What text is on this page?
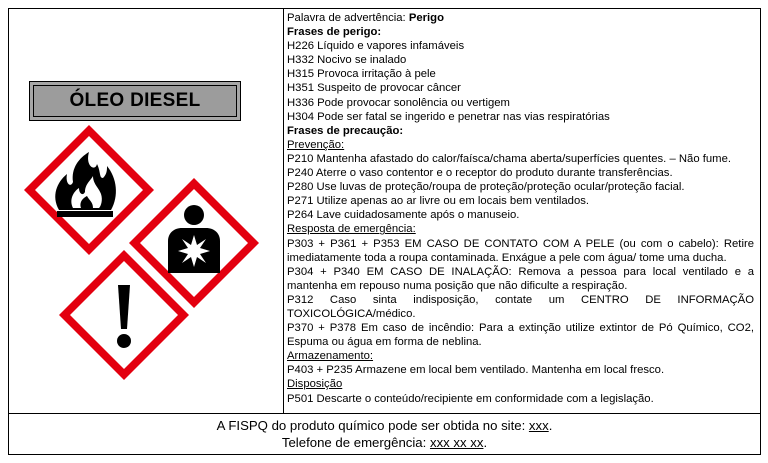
ÓLEO DIESEL
Palavra de advertência: Perigo
Frases de perigo:
H226 Líquido e vapores infamáveis
H332 Nocivo se inalado
H315 Provoca irritação à pele
H351 Suspeito de provocar câncer
H336 Pode provocar sonolência ou vertigem
H304 Pode ser fatal se ingerido e penetrar nas vias respiratórias
Frases de precaução:
Prevenção:
P210 Mantenha afastado do calor/faísca/chama aberta/superfícies quentes. – Não fume.
P240 Aterre o vaso contentor e o receptor do produto durante transferências.
P280 Use luvas de proteção/roupa de proteção/proteção ocular/proteção facial.
P271 Utilize apenas ao ar livre ou em locais bem ventilados.
P264 Lave cuidadosamente após o manuseio.
Resposta de emergência:
P303 + P361 + P353 EM CASO DE CONTATO COM A PELE (ou com o cabelo): Retire imediatamente toda a roupa contaminada. Enxágue a pele com água/ tome uma ducha.
P304 + P340 EM CASO DE INALAÇÃO: Remova a pessoa para local ventilado e a mantenha em repouso numa posição que não dificulte a respiração.
P312 Caso sinta indisposição, contate um CENTRO DE INFORMAÇÃO TOXICOLÓGICA/médico.
P370 + P378 Em caso de incêndio: Para a extinção utilize extintor de Pó Químico, CO2, Espuma ou água em forma de neblina.
Armazenamento:
P403 + P235 Armazene em local bem ventilado. Mantenha em local fresco.
Disposição
P501 Descarte o conteúdo/recipiente em conformidade com a legislação.
A FISPQ do produto químico pode ser obtida no site: xxx.
Telefone de emergência: xxx xx xx.
